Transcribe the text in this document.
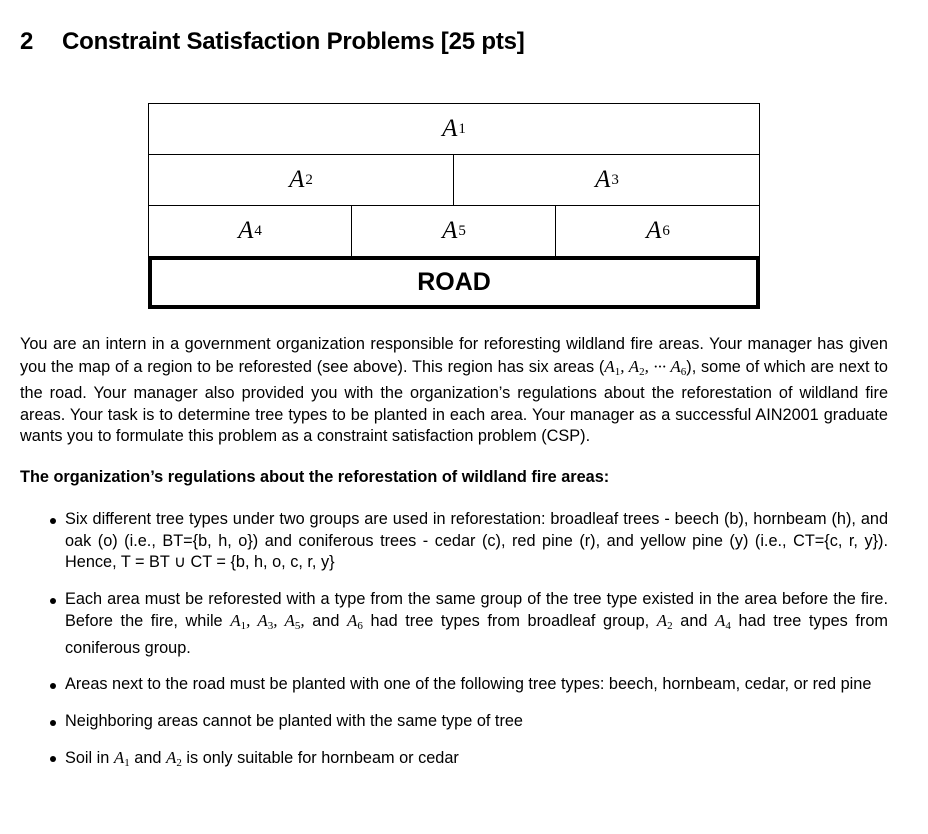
2 Constraint Satisfaction Problems [25 pts]
A 1
A 2	A 3
A 4	A 5	A 6
ROAD

You are an intern in a government organization responsible for reforesting wildland fire areas. Your manager has given you the map of a region to be reforested (see above). This region has six areas ($A_1$, $A_2$, ··· $A_6$), some of which are next to the road. Your manager also provided you with the organization’s regulations about the reforestation of wildland fire areas. Your task is to determine tree types to be planted in each area. Your manager as a successful AIN2001 graduate wants you to formulate this problem as a constraint satisfaction problem (CSP).

The organization’s regulations about the reforestation of wildland fire areas:

Six different tree types under two groups are used in reforestation: broadleaf trees - beech (b), hornbeam (h), and oak (o) (i.e., BT={b, h, o}) and coniferous trees - cedar (c), red pine (r), and yellow pine (y) (i.e., CT={c, r, y}). Hence, T = BT ∪ CT = {b, h, o, c, r, y}
Each area must be reforested with a type from the same group of the tree type existed in the area before the fire. Before the fire, while $A_1$, $A_3$, $A_5$, and $A_6$ had tree types from broadleaf group, $A_2$ and $A_4$ had tree types from coniferous group.
Areas next to the road must be planted with one of the following tree types: beech, hornbeam, cedar, or red pine
Neighboring areas cannot be planted with the same type of tree
Soil in $A_1$ and $A_2$ is only suitable for hornbeam or cedar
